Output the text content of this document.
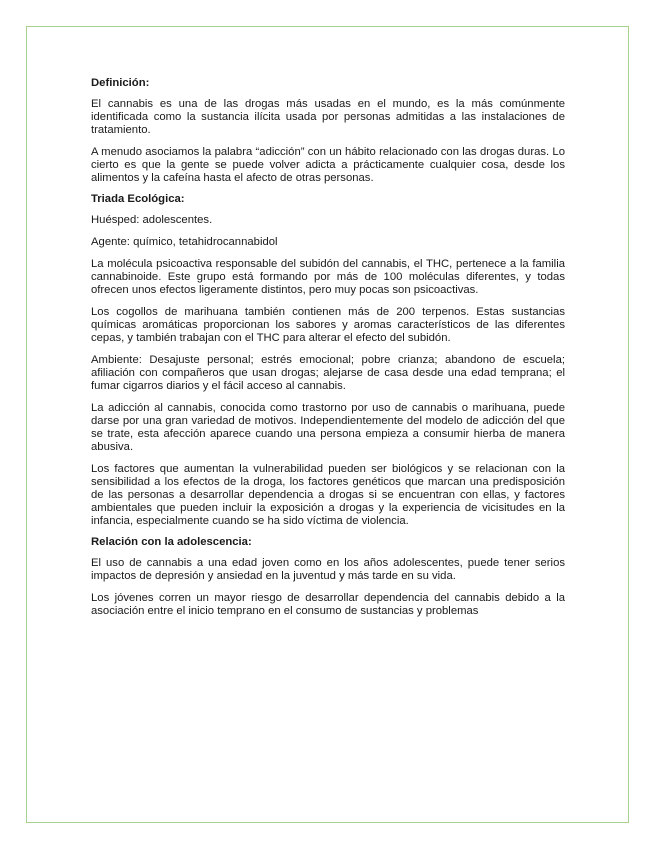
Definición:

El cannabis es una de las drogas más usadas en el mundo, es la más comúnmente identificada como la sustancia ilícita usada por personas admitidas a las instalaciones de tratamiento.

A menudo asociamos la palabra “adicción” con un hábito relacionado con las drogas duras. Lo cierto es que la gente se puede volver adicta a prácticamente cualquier cosa, desde los alimentos y la cafeína hasta el afecto de otras personas.

Triada Ecológica:

Huésped: adolescentes.

Agente: químico, tetahidrocannabidol

La molécula psicoactiva responsable del subidón del cannabis, el THC, pertenece a la familia cannabinoide. Este grupo está formando por más de 100 moléculas diferentes, y todas ofrecen unos efectos ligeramente distintos, pero muy pocas son psicoactivas.

Los cogollos de marihuana también contienen más de 200 terpenos. Estas sustancias químicas aromáticas proporcionan los sabores y aromas característicos de las diferentes cepas, y también trabajan con el THC para alterar el efecto del subidón.

Ambiente: Desajuste personal; estrés emocional; pobre crianza; abandono de escuela; afiliación con compañeros que usan drogas; alejarse de casa desde una edad temprana; el fumar cigarros diarios y el fácil acceso al cannabis.

La adicción al cannabis, conocida como trastorno por uso de cannabis o marihuana, puede darse por una gran variedad de motivos. Independientemente del modelo de adicción del que se trate, esta afección aparece cuando una persona empieza a consumir hierba de manera abusiva.

Los factores que aumentan la vulnerabilidad pueden ser biológicos y se relacionan con la sensibilidad a los efectos de la droga, los factores genéticos que marcan una predisposición de las personas a desarrollar dependencia a drogas si se encuentran con ellas, y factores ambientales que pueden incluir la exposición a drogas y la experiencia de vicisitudes en la infancia, especialmente cuando se ha sido víctima de violencia.

Relación con la adolescencia:

El uso de cannabis a una edad joven como en los años adolescentes, puede tener serios impactos de depresión y ansiedad en la juventud y más tarde en su vida.

Los jóvenes corren un mayor riesgo de desarrollar dependencia del cannabis debido a la asociación entre el inicio temprano en el consumo de sustancias y problemas
